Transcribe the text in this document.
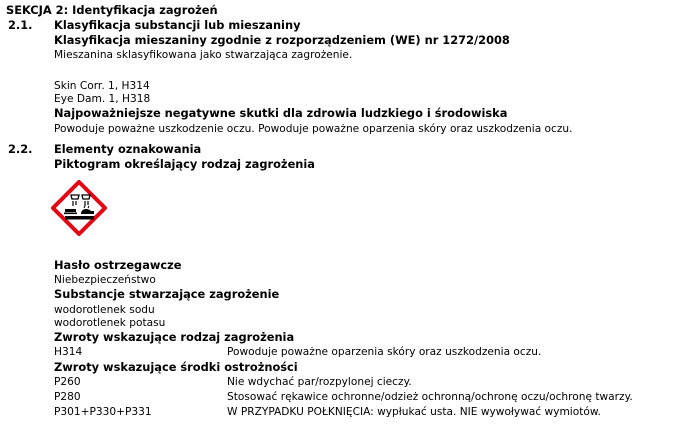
SEKCJA 2: Identyfikacja zagrożeń
2.1. Klasyfikacja substancji lub mieszaniny
Klasyfikacja mieszaniny zgodnie z rozporządzeniem (WE) nr 1272/2008
Mieszanina sklasyfikowana jako stwarzająca zagrożenie.
Skin Corr. 1, H314
Eye Dam. 1, H318
Najpoważniejsze negatywne skutki dla zdrowia ludzkiego i środowiska
Powoduje poważne uszkodzenie oczu. Powoduje poważne oparzenia skóry oraz uszkodzenia oczu.
2.2. Elementy oznakowania
Piktogram określający rodzaj zagrożenia
Hasło ostrzegawcze
Niebezpieczeństwo
Substancje stwarzające zagrożenie
wodorotlenek sodu
wodorotlenek potasu
Zwroty wskazujące rodzaj zagrożenia
H314	Powoduje poważne oparzenia skóry oraz uszkodzenia oczu.
Zwroty wskazujące środki ostrożności
P260	Nie wdychać par/rozpylonej cieczy.
P280	Stosować rękawice ochronne/odzież ochronną/ochronę oczu/ochronę twarzy.
P301+P330+P331	W PRZYPADKU POŁKNIĘCIA: wypłukać usta. NIE wywoływać wymiotów.
